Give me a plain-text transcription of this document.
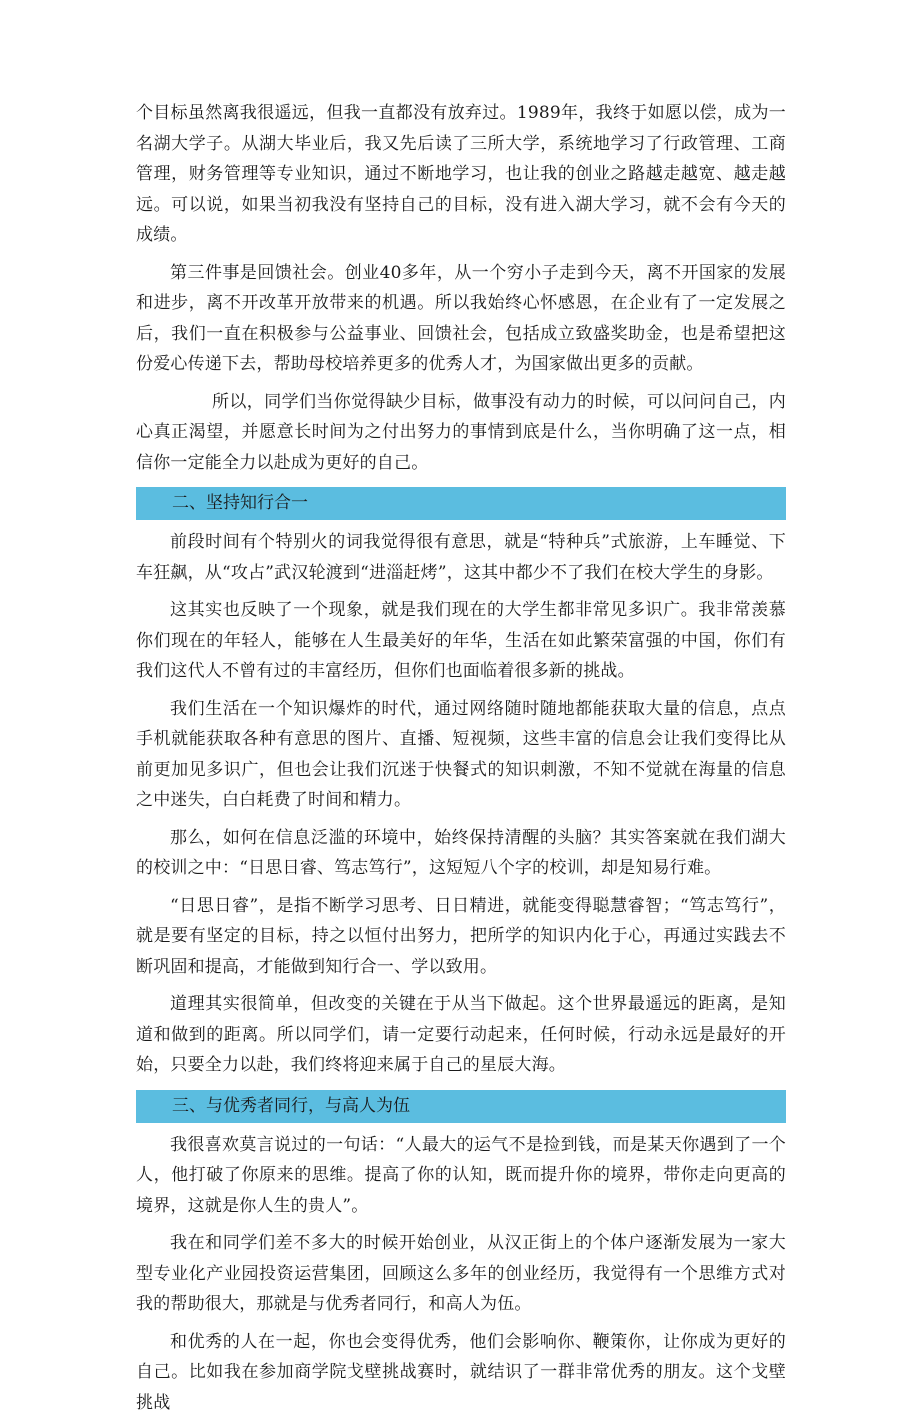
个目标虽然离我很遥远，但我一直都没有放弃过。1989年，我终于如愿以偿，成为一名湖大学子。从湖大毕业后，我又先后读了三所大学，系统地学习了行政管理、工商管理，财务管理等专业知识，通过不断地学习，也让我的创业之路越走越宽、越走越远。可以说，如果当初我没有坚持自己的目标，没有进入湖大学习，就不会有今天的成绩。

第三件事是回馈社会。创业40多年，从一个穷小子走到今天，离不开国家的发展和进步，离不开改革开放带来的机遇。所以我始终心怀感恩，在企业有了一定发展之后，我们一直在积极参与公益事业、回馈社会，包括成立致盛奖助金，也是希望把这份爱心传递下去，帮助母校培养更多的优秀人才，为国家做出更多的贡献。

所以，同学们当你觉得缺少目标，做事没有动力的时候，可以问问自己，内心真正渴望，并愿意长时间为之付出努力的事情到底是什么，当你明确了这一点，相信你一定能全力以赴成为更好的自己。

二、坚持知行合一

前段时间有个特别火的词我觉得很有意思，就是“特种兵”式旅游，上车睡觉、下车狂飙，从“攻占”武汉轮渡到“进淄赶烤”，这其中都少不了我们在校大学生的身影。

这其实也反映了一个现象，就是我们现在的大学生都非常见多识广。我非常羡慕你们现在的年轻人，能够在人生最美好的年华，生活在如此繁荣富强的中国，你们有我们这代人不曾有过的丰富经历，但你们也面临着很多新的挑战。

我们生活在一个知识爆炸的时代，通过网络随时随地都能获取大量的信息，点点手机就能获取各种有意思的图片、直播、短视频，这些丰富的信息会让我们变得比从前更加见多识广，但也会让我们沉迷于快餐式的知识刺激，不知不觉就在海量的信息之中迷失，白白耗费了时间和精力。

那么，如何在信息泛滥的环境中，始终保持清醒的头脑？其实答案就在我们湖大的校训之中：“日思日睿、笃志笃行”，这短短八个字的校训，却是知易行难。

“日思日睿”，是指不断学习思考、日日精进，就能变得聪慧睿智；“笃志笃行”，就是要有坚定的目标，持之以恒付出努力，把所学的知识内化于心，再通过实践去不断巩固和提高，才能做到知行合一、学以致用。

道理其实很简单，但改变的关键在于从当下做起。这个世界最遥远的距离，是知道和做到的距离。所以同学们，请一定要行动起来，任何时候，行动永远是最好的开始，只要全力以赴，我们终将迎来属于自己的星辰大海。

三、与优秀者同行，与高人为伍

我很喜欢莫言说过的一句话：“人最大的运气不是捡到钱，而是某天你遇到了一个人，他打破了你原来的思维。提高了你的认知，既而提升你的境界，带你走向更高的境界，这就是你人生的贵人”。

我在和同学们差不多大的时候开始创业，从汉正街上的个体户逐渐发展为一家大型专业化产业园投资运营集团，回顾这么多年的创业经历，我觉得有一个思维方式对我的帮助很大，那就是与优秀者同行，和高人为伍。

和优秀的人在一起，你也会变得优秀，他们会影响你、鞭策你，让你成为更好的自己。比如我在参加商学院戈壁挑战赛时，就结识了一群非常优秀的朋友。这个戈壁挑战
